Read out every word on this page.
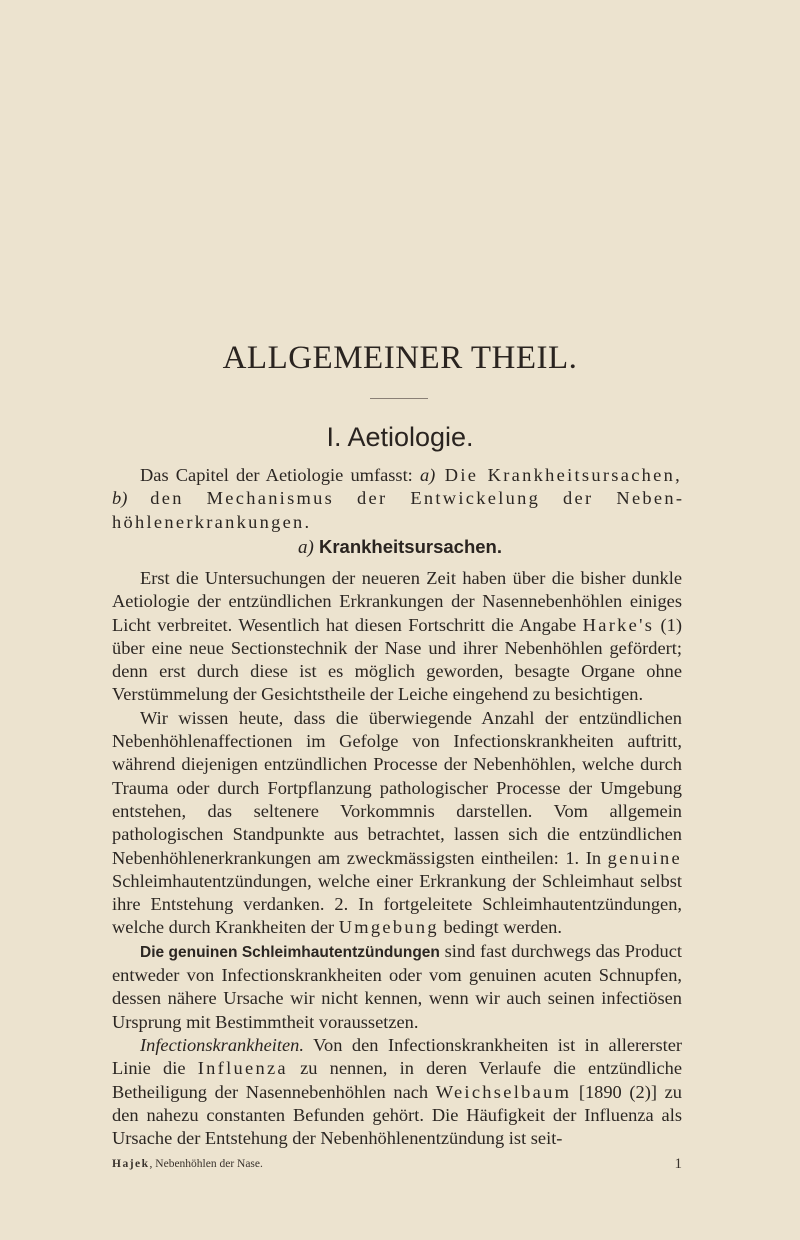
ALLGEMEINER THEIL.
I. Aetiologie.
Das Capitel der Aetiologie umfasst: a) Die Krankheitsursachen, b) den Mechanismus der Entwickelung der Nebenhöhlenerkrankungen.
a) Krankheitsursachen.

Erst die Untersuchungen der neueren Zeit haben über die bisher dunkle Aetiologie der entzündlichen Erkrankungen der Nasennebenhöhlen einiges Licht verbreitet. Wesentlich hat diesen Fortschritt die Angabe Harke's (1) über eine neue Sectionstechnik der Nase und ihrer Nebenhöhlen gefördert; denn erst durch diese ist es möglich geworden, besagte Organe ohne Verstümmelung der Gesichtstheile der Leiche eingehend zu besichtigen.

Wir wissen heute, dass die überwiegende Anzahl der entzündlichen Nebenhöhlenaffectionen im Gefolge von Infectionskrankheiten auftritt, während diejenigen entzündlichen Processe der Nebenhöhlen, welche durch Trauma oder durch Fortpflanzung pathologischer Processe der Umgebung entstehen, das seltenere Vorkommnis darstellen. Vom allgemein pathologischen Standpunkte aus betrachtet, lassen sich die entzündlichen Nebenhöhlenerkrankungen am zweckmässigsten eintheilen: 1. In genuine Schleimhautentzündungen, welche einer Erkrankung der Schleimhaut selbst ihre Entstehung verdanken. 2. In fortgeleitete Schleimhautentzündungen, welche durch Krankheiten der Umgebung bedingt werden.

Die genuinen Schleimhautentzündungen sind fast durchwegs das Product entweder von Infectionskrankheiten oder vom genuinen acuten Schnupfen, dessen nähere Ursache wir nicht kennen, wenn wir auch seinen infectiösen Ursprung mit Bestimmtheit voraussetzen.

Infectionskrankheiten. Von den Infectionskrankheiten ist in allererster Linie die Influenza zu nennen, in deren Verlaufe die entzündliche Betheiligung der Nasennebenhöhlen nach Weichselbaum [1890 (2)] zu den nahezu constanten Befunden gehört. Die Häufigkeit der Influenza als Ursache der Entstehung der Nebenhöhlenentzündung ist seit-

Hajek, Nebenhöhlen der Nase.	1
